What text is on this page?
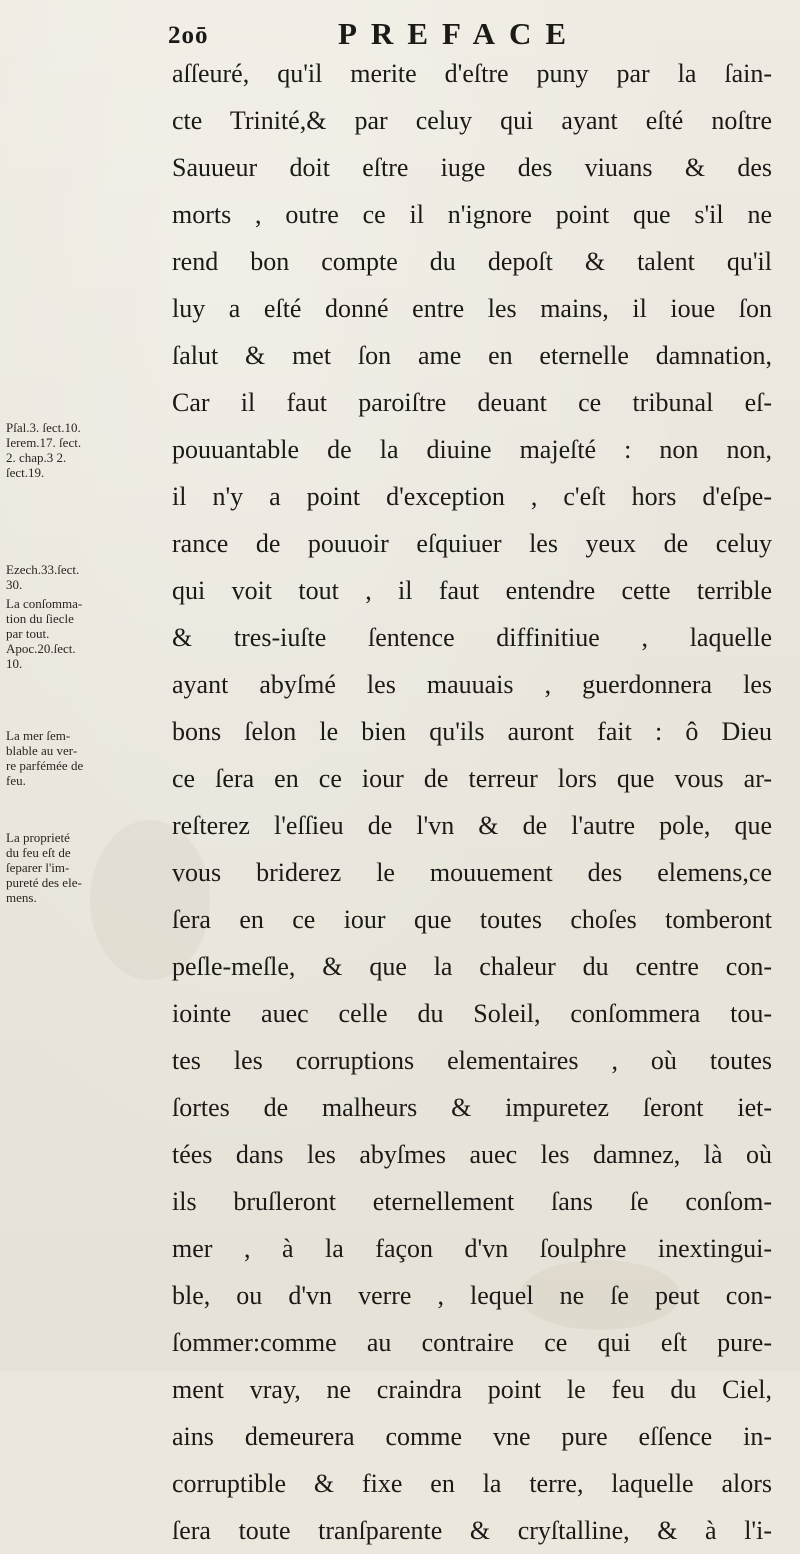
2oō	PREFACE
aſſeuré, qu'il merite d'eſtre puny par la ſain-
cte Trinité,& par celuy qui ayant eſté noſtre
Sauueur doit eſtre iuge des viuans & des
morts , outre ce il n'ignore point que s'il ne
rend bon compte du depoſt & talent qu'il
luy a eſté donné entre les mains, il ioue ſon
ſalut & met ſon ame en eternelle damnation,
Car il faut paroiſtre deuant ce tribunal eſ-
pouuantable de la diuine majeſté : non non,
il n'y a point d'exception , c'eſt hors d'eſpe-
rance de pouuoir eſquiuer les yeux de celuy
qui voit tout , il faut entendre cette terrible
& tres-iuſte ſentence diffinitiue , laquelle
ayant abyſmé les mauuais , guerdonnera les
bons ſelon le bien qu'ils auront fait : ô Dieu
ce ſera en ce iour de terreur lors que vous ar-
reſterez l'eſſieu de l'vn & de l'autre pole, que
vous briderez le mouuement des elemens,ce
ſera en ce iour que toutes choſes tomberont
peſle-meſle, & que la chaleur du centre con-
iointe auec celle du Soleil, conſommera tou-
tes les corruptions elementaires , où toutes
ſortes de malheurs & impuretez ſeront iet-
tées dans les abyſmes auec les damnez, là où
ils bruſleront eternellement ſans ſe conſom-
mer , à la façon d'vn ſoulphre inextingui-
ble, ou d'vn verre , lequel ne ſe peut con-
ſommer:comme au contraire ce qui eſt pure-
ment vray, ne craindra point le feu du Ciel,
ains demeurera comme vne pure eſſence in-
corruptible & fixe en la terre, laquelle alors
ſera toute tranſparente & cryſtalline, & à l'i-
Pſal.3. ſect.10.
Ierem.17. ſect.
2. chap.3 2.
ſect.19.
Ezech.33.ſect.
30.
La conſomma-
tion du ſiecle
par tout.
Apoc.20.ſect.
10.
La mer ſem-
blable au ver-
re parfémée de
feu.
La proprieté
du feu eſt de
ſeparer l'im-
pureté des ele-
mens.
